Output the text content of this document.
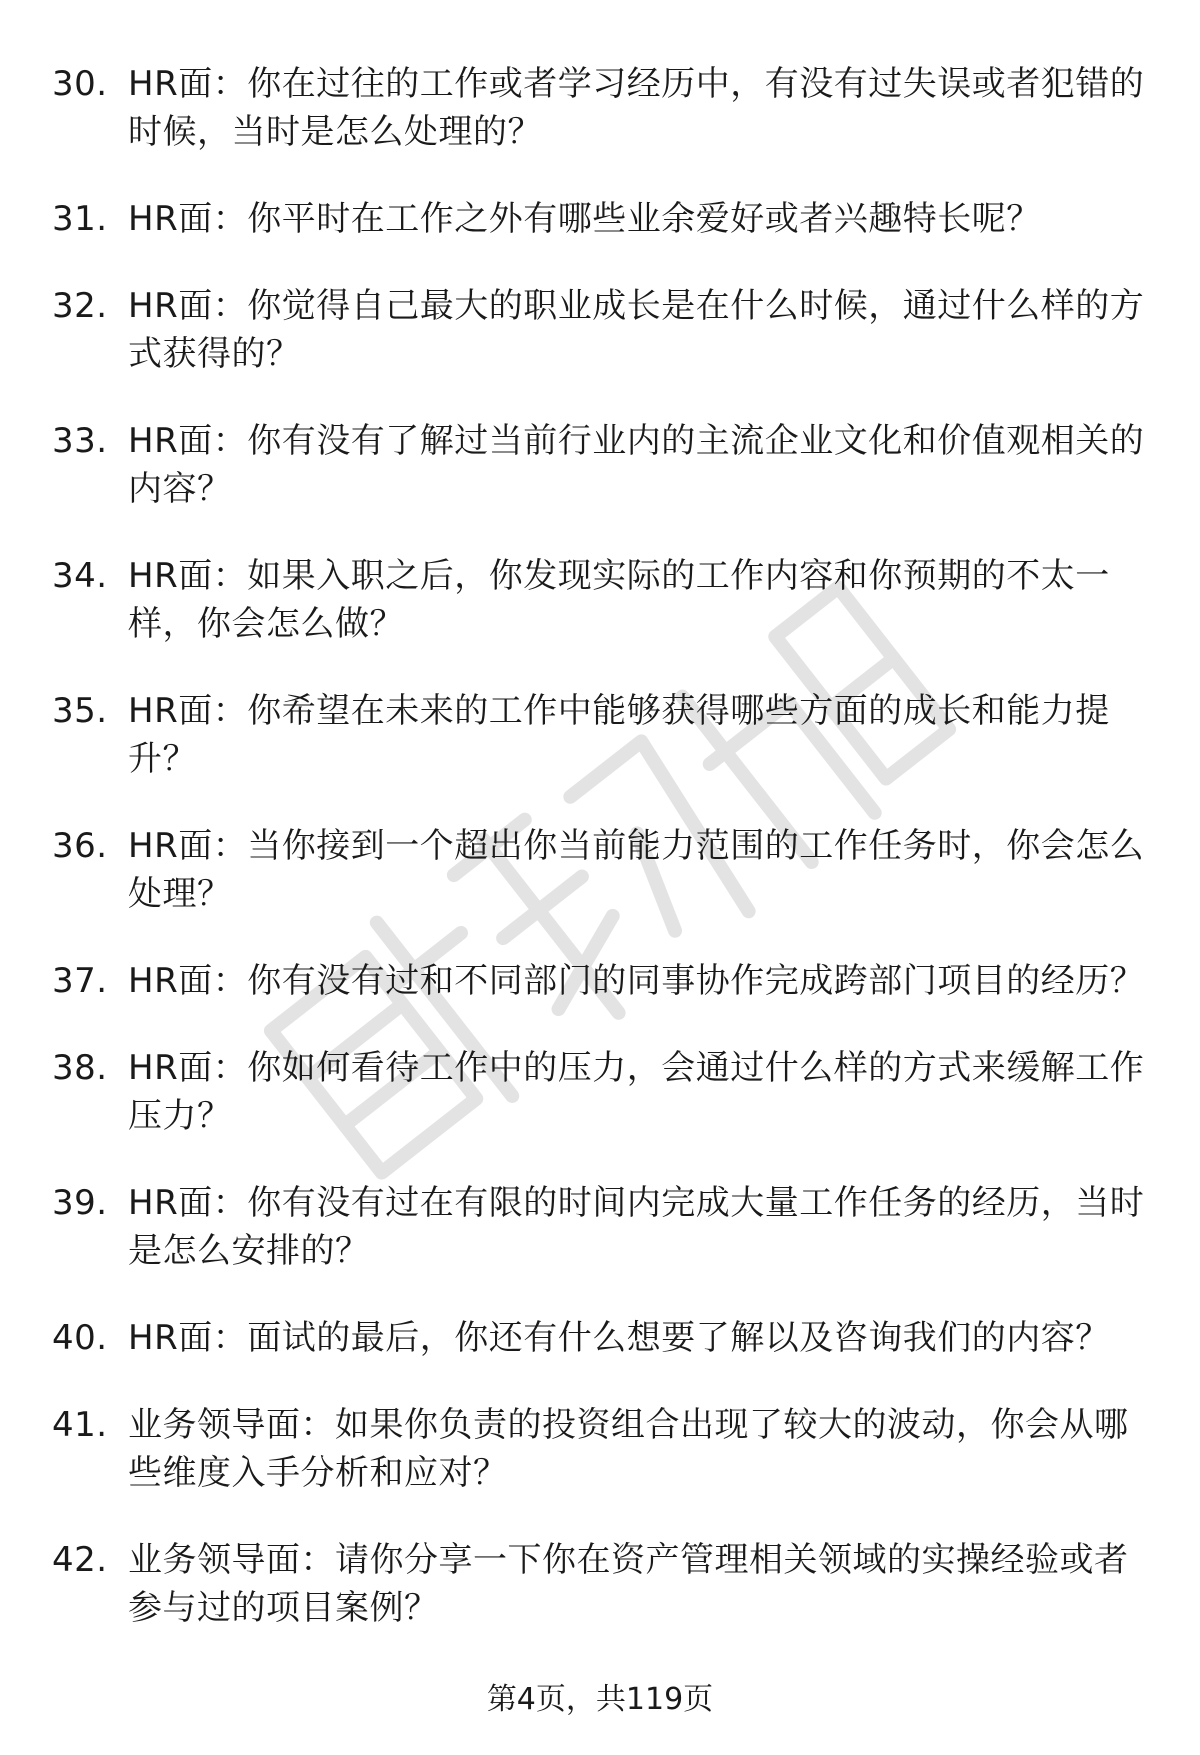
30. HR面：你在过往的工作或者学习经历中，有没有过失误或者犯错的时候，当时是怎么处理的？
31. HR面：你平时在工作之外有哪些业余爱好或者兴趣特长呢？
32. HR面：你觉得自己最大的职业成长是在什么时候，通过什么样的方式获得的？
33. HR面：你有没有了解过当前行业内的主流企业文化和价值观相关的内容？
34. HR面：如果入职之后，你发现实际的工作内容和你预期的不太一样，你会怎么做？
35. HR面：你希望在未来的工作中能够获得哪些方面的成长和能力提升？
36. HR面：当你接到一个超出你当前能力范围的工作任务时，你会怎么处理？
37. HR面：你有没有过和不同部门的同事协作完成跨部门项目的经历？
38. HR面：你如何看待工作中的压力，会通过什么样的方式来缓解工作压力？
39. HR面：你有没有过在有限的时间内完成大量工作任务的经历，当时是怎么安排的？
40. HR面：面试的最后，你还有什么想要了解以及咨询我们的内容？
41. 业务领导面：如果你负责的投资组合出现了较大的波动，你会从哪些维度入手分析和应对？
42. 业务领导面：请你分享一下你在资产管理相关领域的实操经验或者参与过的项目案例？
第4页，共119页
